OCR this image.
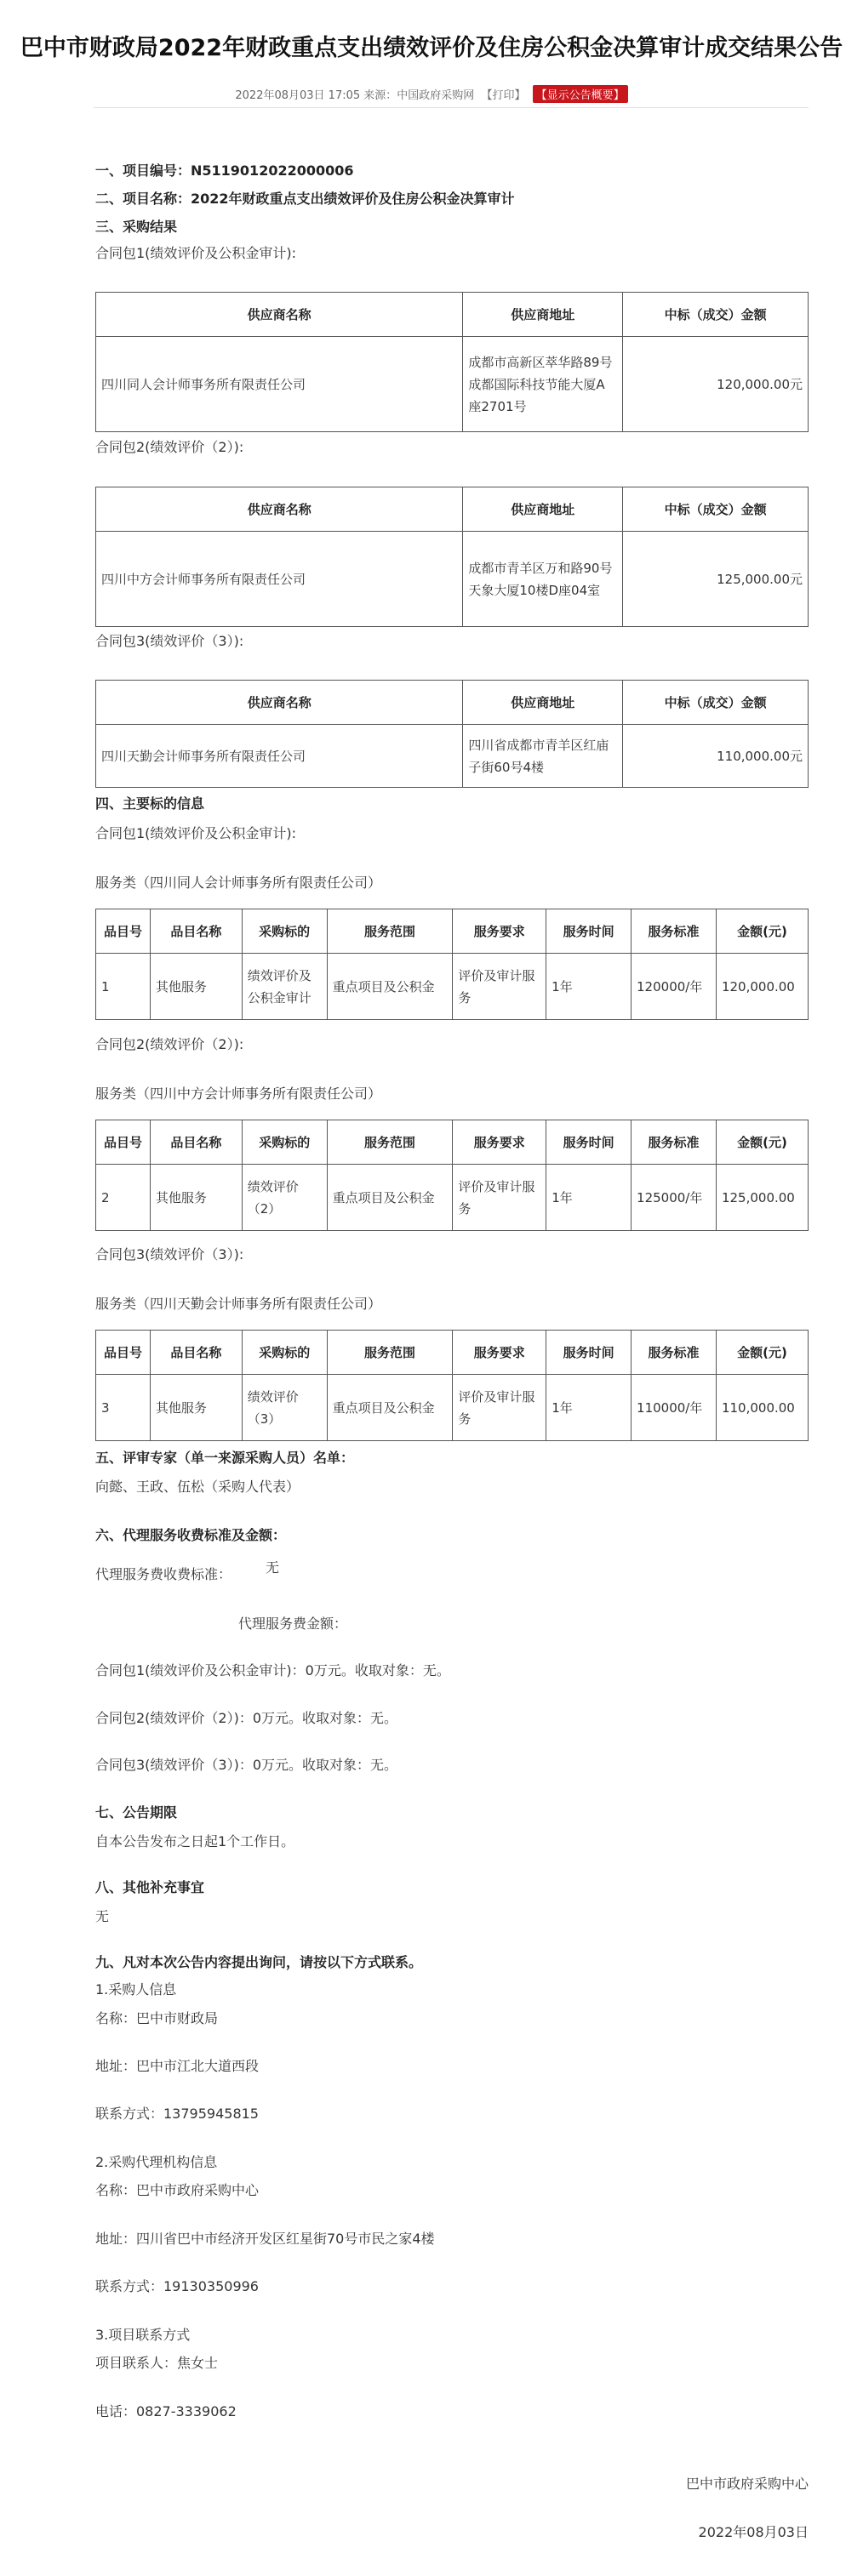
巴中市财政局2022年财政重点支出绩效评价及住房公积金决算审计成交结果公告
2022年08月03日 17:05 来源：中国政府采购网 【打印】 【显示公告概要】
一、项目编号：N5119012022000006
二、项目名称：2022年财政重点支出绩效评价及住房公积金决算审计
三、采购结果
合同包1(绩效评价及公积金审计):
供应商名称	供应商地址	中标（成交）金额
四川同人会计师事务所有限责任公司	成都市高新区萃华路89号成都国际科技节能大厦A座2701号	120,000.00元
合同包2(绩效评价（2）):
供应商名称	供应商地址	中标（成交）金额
四川中方会计师事务所有限责任公司	成都市青羊区万和路90号天象大厦10楼D座04室	125,000.00元
合同包3(绩效评价（3）):
供应商名称	供应商地址	中标（成交）金额
四川天勤会计师事务所有限责任公司	四川省成都市青羊区红庙子街60号4楼	110,000.00元
四、主要标的信息
合同包1(绩效评价及公积金审计):
服务类（四川同人会计师事务所有限责任公司）
品目号	品目名称	采购标的	服务范围	服务要求	服务时间	服务标准	金额(元)
1	其他服务	绩效评价及公积金审计	重点项目及公积金	评价及审计服务	1年	120000/年	120,000.00
合同包2(绩效评价（2）):
服务类（四川中方会计师事务所有限责任公司）
品目号	品目名称	采购标的	服务范围	服务要求	服务时间	服务标准	金额(元)
2	其他服务	绩效评价（2）	重点项目及公积金	评价及审计服务	1年	125000/年	125,000.00
合同包3(绩效评价（3）):
服务类（四川天勤会计师事务所有限责任公司）
品目号	品目名称	采购标的	服务范围	服务要求	服务时间	服务标准	金额(元)
3	其他服务	绩效评价（3）	重点项目及公积金	评价及审计服务	1年	110000/年	110,000.00
五、评审专家（单一来源采购人员）名单：
向懿、王政、伍松（采购人代表）
六、代理服务收费标准及金额：
代理服务费收费标准：	无
代理服务费金额：
合同包1(绩效评价及公积金审计)：0万元。收取对象：无。
合同包2(绩效评价（2）)：0万元。收取对象：无。
合同包3(绩效评价（3）)：0万元。收取对象：无。
七、公告期限
自本公告发布之日起1个工作日。
八、其他补充事宜
无
九、凡对本次公告内容提出询问，请按以下方式联系。
1.采购人信息
名称：巴中市财政局
地址：巴中市江北大道西段
联系方式：13795945815
2.采购代理机构信息
名称：巴中市政府采购中心
地址：四川省巴中市经济开发区红星街70号市民之家4楼
联系方式：19130350996
3.项目联系方式
项目联系人：焦女士
电话：0827-3339062
巴中市政府采购中心
2022年08月03日
